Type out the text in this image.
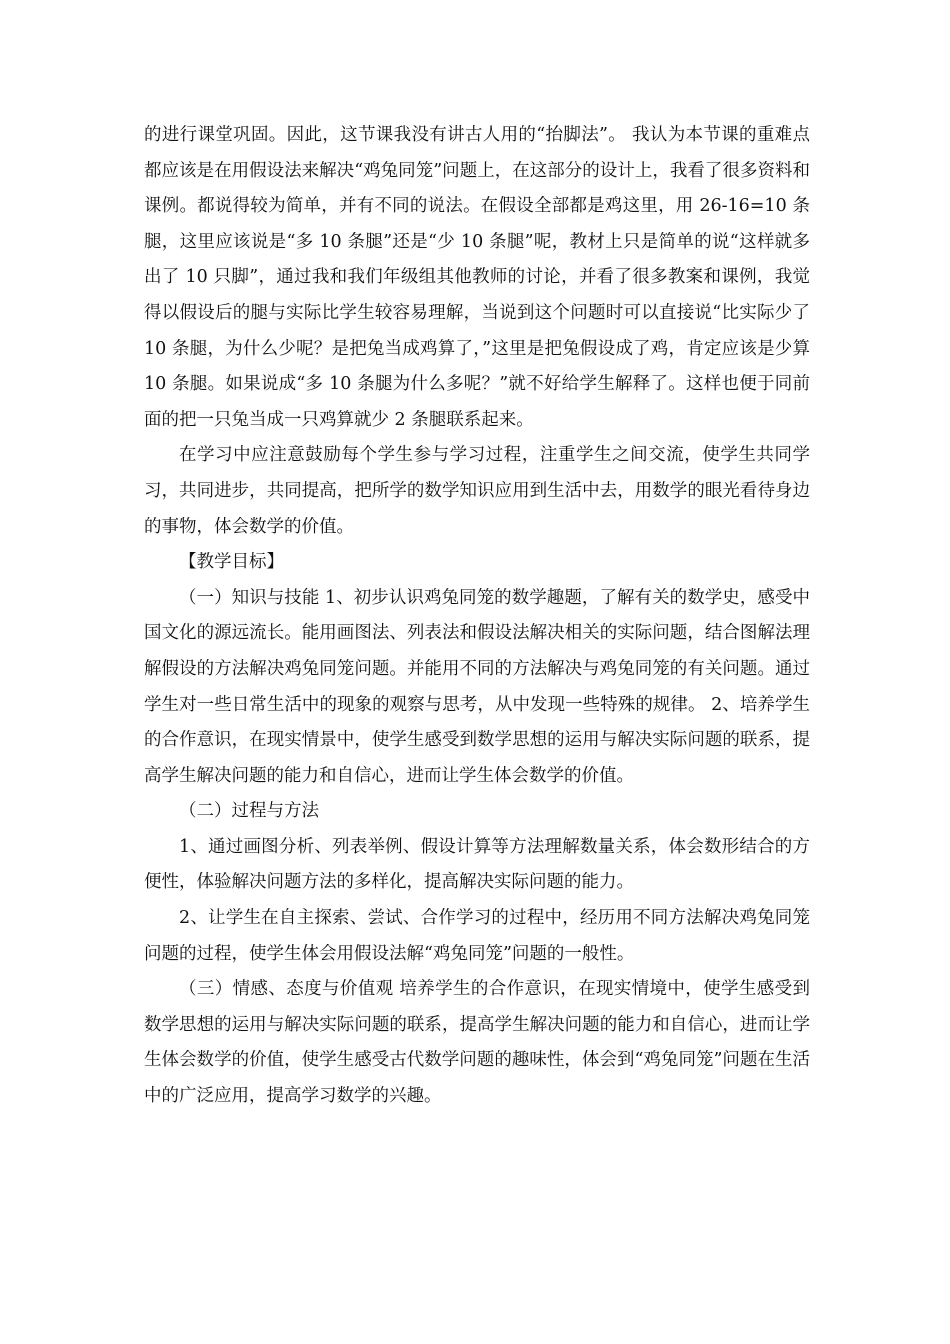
的进行课堂巩固。因此，这节课我没有讲古人用的“抬脚法”。 我认为本节课的重难点都应该是在用假设法来解决“鸡兔同笼”问题上，在这部分的设计上，我看了很多资料和课例。都说得较为简单，并有不同的说法。在假设全部都是鸡这里，用 26-16=10 条腿，这里应该说是“多 10 条腿”还是“少 10 条腿”呢，教材上只是简单的说“这样就多出了 10 只脚”，通过我和我们年级组其他教师的讨论，并看了很多教案和课例，我觉得以假设后的腿与实际比学生较容易理解，当说到这个问题时可以直接说“比实际少了 10 条腿，为什么少呢？是把兔当成鸡算了，”这里是把兔假设成了鸡，肯定应该是少算 10 条腿。如果说成“多 10 条腿为什么多呢？”就不好给学生解释了。这样也便于同前面的把一只兔当成一只鸡算就少 2 条腿联系起来。

在学习中应注意鼓励每个学生参与学习过程，注重学生之间交流，使学生共同学习，共同进步，共同提高，把所学的数学知识应用到生活中去，用数学的眼光看待身边的事物，体会数学的价值。

【教学目标】

（一）知识与技能 1、初步认识鸡兔同笼的数学趣题，了解有关的数学史，感受中国文化的源远流长。能用画图法、列表法和假设法解决相关的实际问题，结合图解法理解假设的方法解决鸡兔同笼问题。并能用不同的方法解决与鸡兔同笼的有关问题。通过学生对一些日常生活中的现象的观察与思考，从中发现一些特殊的规律。 2、培养学生的合作意识，在现实情景中，使学生感受到数学思想的运用与解决实际问题的联系，提高学生解决问题的能力和自信心，进而让学生体会数学的价值。

（二）过程与方法

1、通过画图分析、列表举例、假设计算等方法理解数量关系，体会数形结合的方便性，体验解决问题方法的多样化，提高解决实际问题的能力。

2、让学生在自主探索、尝试、合作学习的过程中，经历用不同方法解决鸡兔同笼问题的过程，使学生体会用假设法解“鸡兔同笼”问题的一般性。

（三）情感、态度与价值观 培养学生的合作意识，在现实情境中，使学生感受到数学思想的运用与解决实际问题的联系，提高学生解决问题的能力和自信心，进而让学生体会数学的价值，使学生感受古代数学问题的趣味性，体会到“鸡兔同笼”问题在生活中的广泛应用，提高学习数学的兴趣。
